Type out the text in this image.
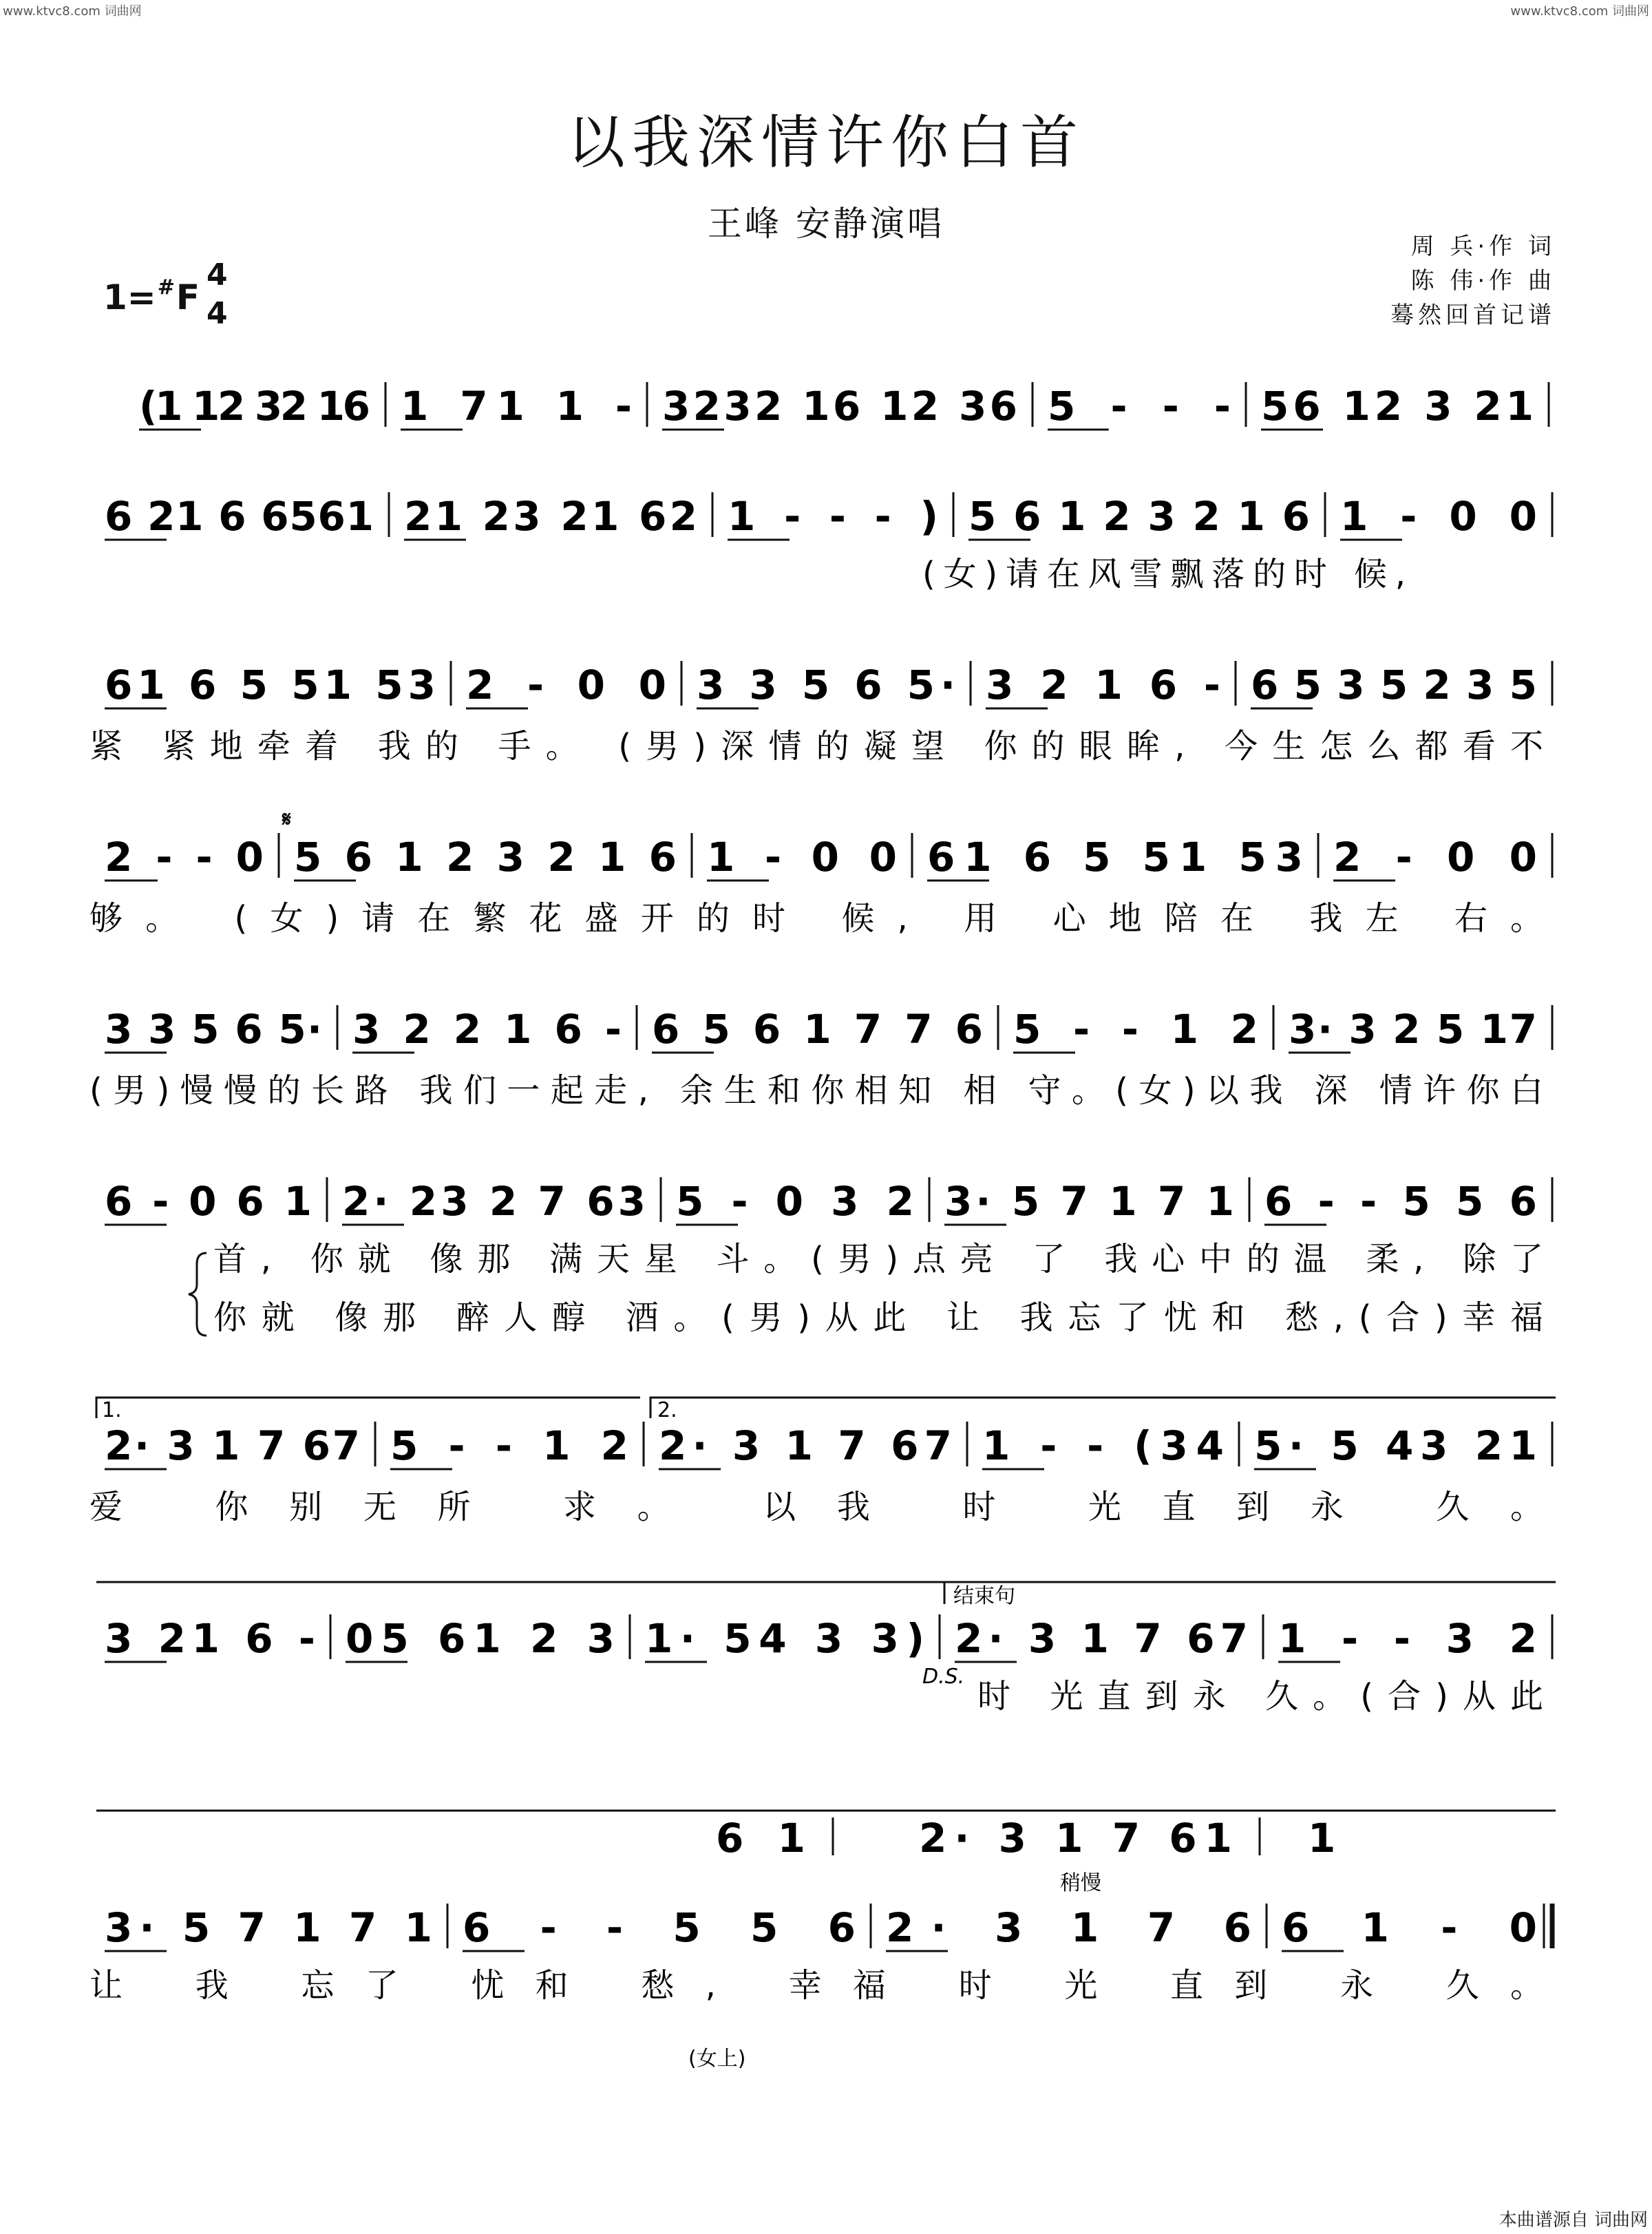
www.ktvc8.com 词曲网	www.ktvc8.com 词曲网
本曲谱源自 词曲网
以我深情许你白首
王峰 安静演唱
周 兵·作 词
陈 伟·作 曲
蓦然回首记谱
1=#F
4
4
(1 12 32 16 1 71 1 - 3232 16 12 36 5 - - - 56 12 3 21
6 21 6 6561 21 23 21 62 1 - - - ) 5 6 1 2 3 2 1 6 1 - 0 0
61 6 5 51 53 2 - 0 0 3 3 5 6 5· 3 2 1 6 - 6 5 3 5 2 3 5
2 - - 0 5 6 1 2 3 2 1 6 1 - 0 0 61 6 5 51 53 2 - 0 0
3 3 5 6 5· 3 2 2 1 6 - 6 5 6 1 7 7 6 5 - - 1 2 3· 3 2 5 17
6 - 0 6 1 2· 23 2 7 63 5 - 0 3 2 3· 5 7 1 7 1 6 - - 5 5 6
2· 3 1 7 67 5 - - 1 2 2· 3 1 7 67 1 - - (34 5· 5 43 21
3 21 6 - 05 61 2 3 1· 54 3 3) 2· 3 1 7 67 1 - - 3 2
3· 5 7 1 7 1 6 - - 5 5 6 2· 3 1 7 6 6 1 - 0
6 1	2· 3 1 7 61 1
(女)请在风雪飘落的时 候,
紧 紧地牵着 我的 手。 (男)深情的凝望 你的眼眸, 今生怎么都看不
够。 (女)请在繁花盛开的时 候, 用 心地陪在 我左 右。
(男)慢慢的长路 我们一起走, 余生和你相知 相 守。(女)以我 深 情许你白
首, 你就 像那 满天星 斗。(男)点亮 了 我心中的温 柔, 除了
你就 像那 醉人醇 酒。(男)从此 让 我忘了忧和 愁,(合)幸福
爱 你别无所 求。 以我 时 光直到永 久。
时 光直到永 久。(合)从此
让 我 忘了 忧和 愁, 幸福 时 光 直到 永 久。
1.	2.
结束句
D.S.
𝄋
稍慢
(女上)
